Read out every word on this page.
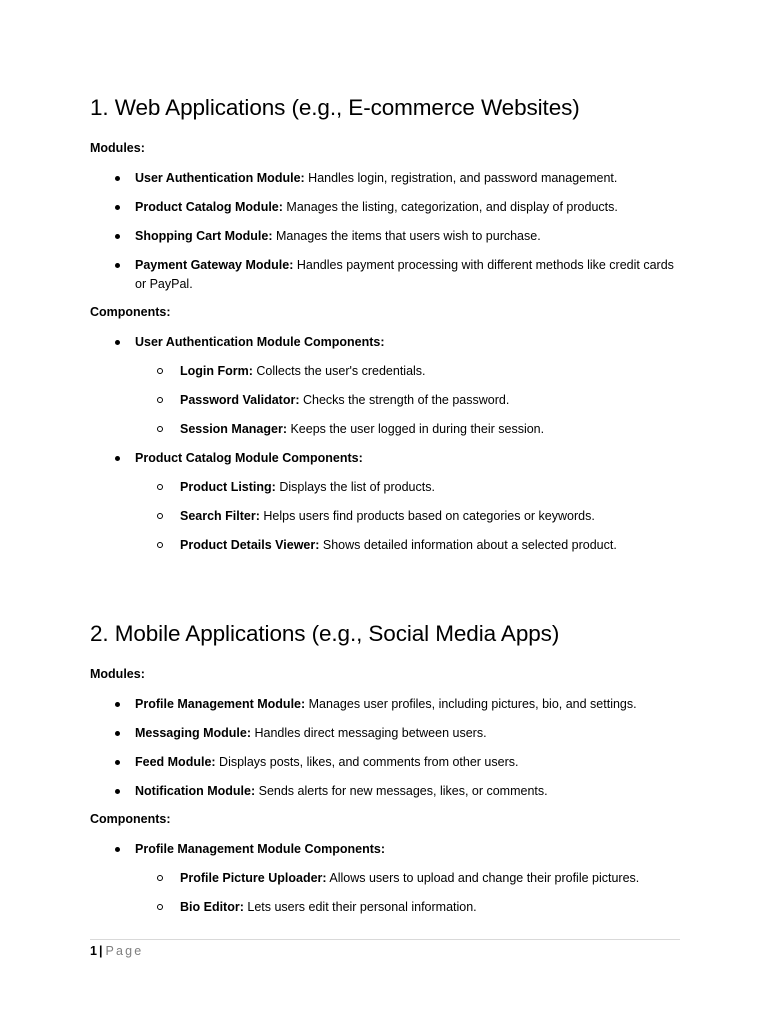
1. Web Applications (e.g., E-commerce Websites)
Modules:
User Authentication Module: Handles login, registration, and password management.
Product Catalog Module: Manages the listing, categorization, and display of products.
Shopping Cart Module: Manages the items that users wish to purchase.
Payment Gateway Module: Handles payment processing with different methods like credit cards or PayPal.
Components:
User Authentication Module Components:
Login Form: Collects the user's credentials.
Password Validator: Checks the strength of the password.
Session Manager: Keeps the user logged in during their session.
Product Catalog Module Components:
Product Listing: Displays the list of products.
Search Filter: Helps users find products based on categories or keywords.
Product Details Viewer: Shows detailed information about a selected product.
2. Mobile Applications (e.g., Social Media Apps)
Modules:
Profile Management Module: Manages user profiles, including pictures, bio, and settings.
Messaging Module: Handles direct messaging between users.
Feed Module: Displays posts, likes, and comments from other users.
Notification Module: Sends alerts for new messages, likes, or comments.
Components:
Profile Management Module Components:
Profile Picture Uploader: Allows users to upload and change their profile pictures.
Bio Editor: Lets users edit their personal information.
1 | Page
